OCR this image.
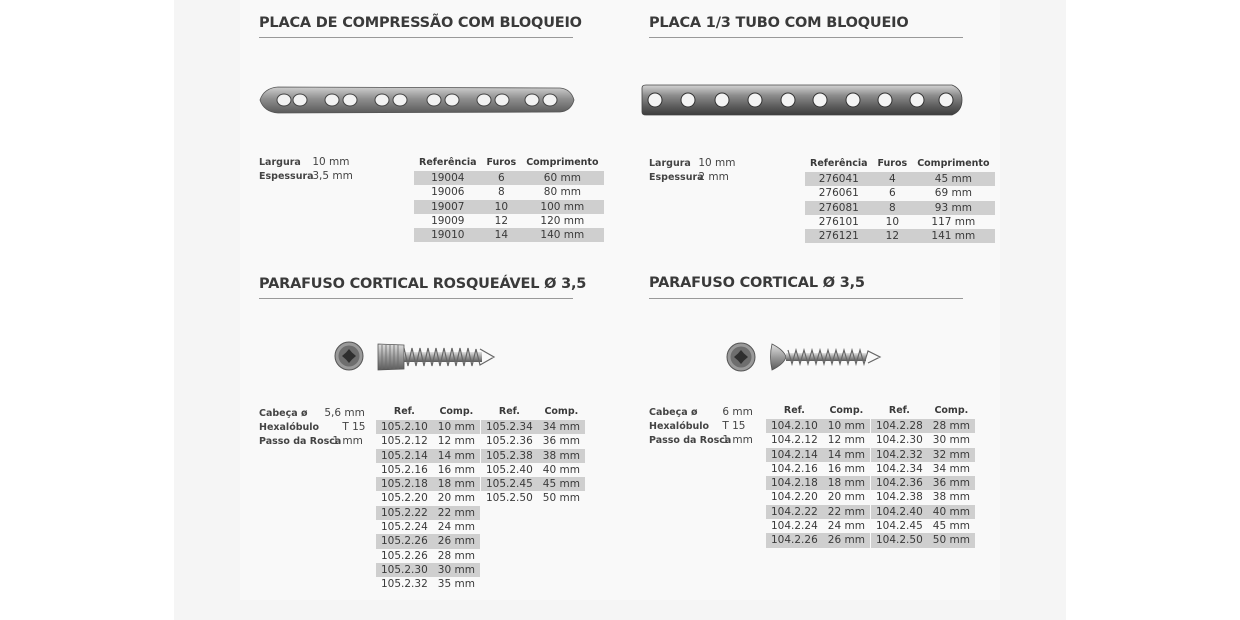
PLACA DE COMPRESSÃO COM BLOQUEIO
Largura 10 mm
Espessura 3,5 mm
Referência	Furos	Comprimento
19004	6	60 mm
19006	8	80 mm
19007	10	100 mm
19009	12	120 mm
19010	14	140 mm
PLACA 1/3 TUBO COM BLOQUEIO
Largura 10 mm
Espessura 2 mm
Referência	Furos	Comprimento
276041	4	45 mm
276061	6	69 mm
276081	8	93 mm
276101	10	117 mm
276121	12	141 mm
PARAFUSO CORTICAL ROSQUEÁVEL Ø 3,5
Cabeça ø 5,6 mm
Hexalóbulo T 15
Passo da Rosca 1 mm
Ref.	Comp.
105.2.10	10 mm
105.2.12	12 mm
105.2.14	14 mm
105.2.16	16 mm
105.2.18	18 mm
105.2.20	20 mm
105.2.22	22 mm
105.2.24	24 mm
105.2.26	26 mm
105.2.26	28 mm
105.2.30	30 mm
105.2.32	35 mm
Ref.	Comp.
105.2.34	34 mm
105.2.36	36 mm
105.2.38	38 mm
105.2.40	40 mm
105.2.45	45 mm
105.2.50	50 mm
PARAFUSO CORTICAL Ø 3,5
Cabeça ø 6 mm
Hexalóbulo T 15
Passo da Rosca 1 mm
Ref.	Comp.
104.2.10	10 mm
104.2.12	12 mm
104.2.14	14 mm
104.2.16	16 mm
104.2.18	18 mm
104.2.20	20 mm
104.2.22	22 mm
104.2.24	24 mm
104.2.26	26 mm
Ref.	Comp.
104.2.28	28 mm
104.2.30	30 mm
104.2.32	32 mm
104.2.34	34 mm
104.2.36	36 mm
104.2.38	38 mm
104.2.40	40 mm
104.2.45	45 mm
104.2.50	50 mm
